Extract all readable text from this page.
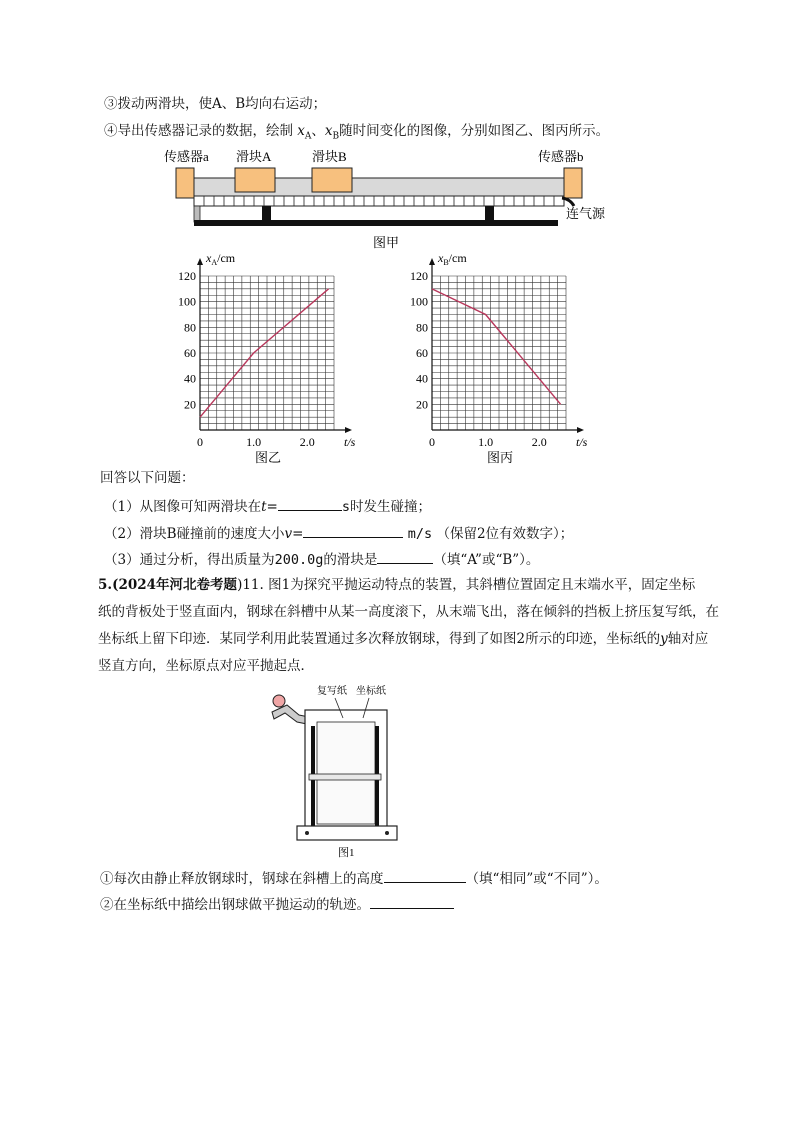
③拨动两滑块，使A、B均向右运动；
④导出传感器记录的数据，绘制 $x_A$、$x_B$随时间变化的图像，分别如图乙、图丙所示。
传感器a 滑块A	滑块B	传感器b
连气源
图甲
20
40
60
80
100
120
0	1.0	2.0
$x_A/cm$
t/s
图乙
20
40
60
80
100
120
0	1.0	2.0
$x_B/cm$
t/s
图丙
回答以下问题：
（1）从图像可知两滑块在t=	s时发生碰撞；
（2）滑块B碰撞前的速度大小v=	m/s （保留2位有效数字）；
（3）通过分析，得出质量为200.0g的滑块是	（填“A”或“B”）。
5.(2024年河北卷考题)11. 图1为探究平抛运动特点的装置，其斜槽位置固定且末端水平，固定坐标
纸的背板处于竖直面内，钢球在斜槽中从某一高度滚下，从末端飞出，落在倾斜的挡板上挤压复写纸，在
坐标纸上留下印迹．某同学利用此装置通过多次释放钢球，得到了如图2所示的印迹，坐标纸的y轴对应
竖直方向，坐标原点对应平抛起点．
复写纸 坐标纸
图1
①每次由静止释放钢球时，钢球在斜槽上的高度	（填“相同”或“不同”）。
②在坐标纸中描绘出钢球做平抛运动的轨迹。
